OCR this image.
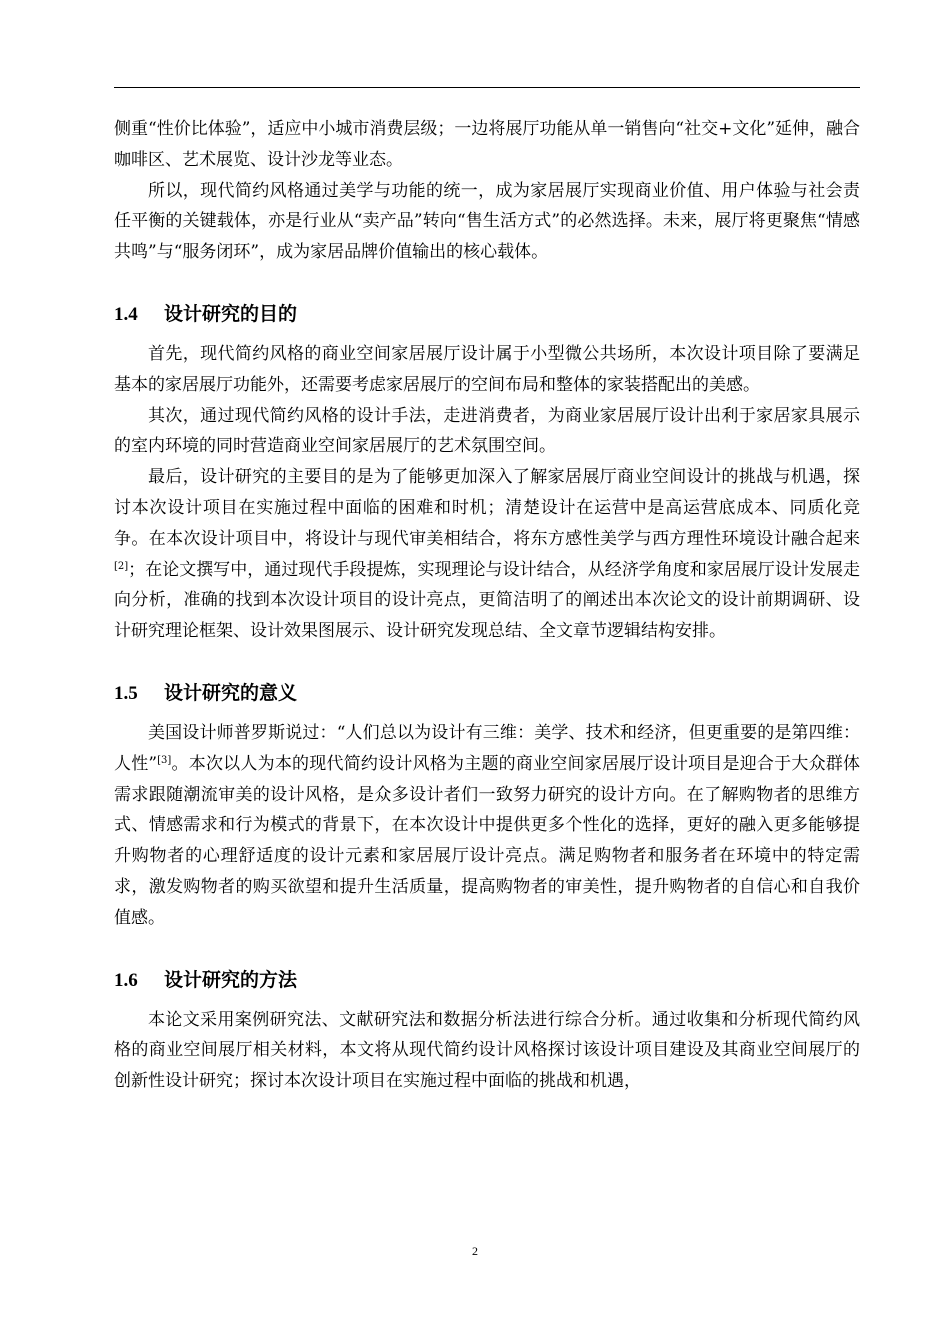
侧重“性价比体验”，适应中小城市消费层级；一边将展厅功能从单一销售向“社交+文化”延伸，融合咖啡区、艺术展览、设计沙龙等业态。

所以，现代简约风格通过美学与功能的统一，成为家居展厅实现商业价值、用户体验与社会责任平衡的关键载体，亦是行业从“卖产品”转向“售生活方式”的必然选择。未来，展厅将更聚焦“情感共鸣”与“服务闭环”，成为家居品牌价值输出的核心载体。

1.4 设计研究的目的

首先，现代简约风格的商业空间家居展厅设计属于小型微公共场所，本次设计项目除了要满足基本的家居展厅功能外，还需要考虑家居展厅的空间布局和整体的家装搭配出的美感。

其次，通过现代简约风格的设计手法，走进消费者，为商业家居展厅设计出利于家居家具展示的室内环境的同时营造商业空间家居展厅的艺术氛围空间。

最后，设计研究的主要目的是为了能够更加深入了解家居展厅商业空间设计的挑战与机遇，探讨本次设计项目在实施过程中面临的困难和时机；清楚设计在运营中是高运营底成本、同质化竞争。在本次设计项目中，将设计与现代审美相结合，将东方感性美学与西方理性环境设计融合起来[2]；在论文撰写中，通过现代手段提炼，实现理论与设计结合，从经济学角度和家居展厅设计发展走向分析，准确的找到本次设计项目的设计亮点，更简洁明了的阐述出本次论文的设计前期调研、设计研究理论框架、设计效果图展示、设计研究发现总结、全文章节逻辑结构安排。

1.5 设计研究的意义

美国设计师普罗斯说过：“人们总以为设计有三维：美学、技术和经济，但更重要的是第四维：人性”[3]。本次以人为本的现代简约设计风格为主题的商业空间家居展厅设计项目是迎合于大众群体需求跟随潮流审美的设计风格，是众多设计者们一致努力研究的设计方向。在了解购物者的思维方式、情感需求和行为模式的背景下，在本次设计中提供更多个性化的选择，更好的融入更多能够提升购物者的心理舒适度的设计元素和家居展厅设计亮点。满足购物者和服务者在环境中的特定需求，激发购物者的购买欲望和提升生活质量，提高购物者的审美性，提升购物者的自信心和自我价值感。

1.6 设计研究的方法

本论文采用案例研究法、文献研究法和数据分析法进行综合分析。通过收集和分析现代简约风格的商业空间展厅相关材料，本文将从现代简约设计风格探讨该设计项目建设及其商业空间展厅的创新性设计研究；探讨本次设计项目在实施过程中面临的挑战和机遇，

2
